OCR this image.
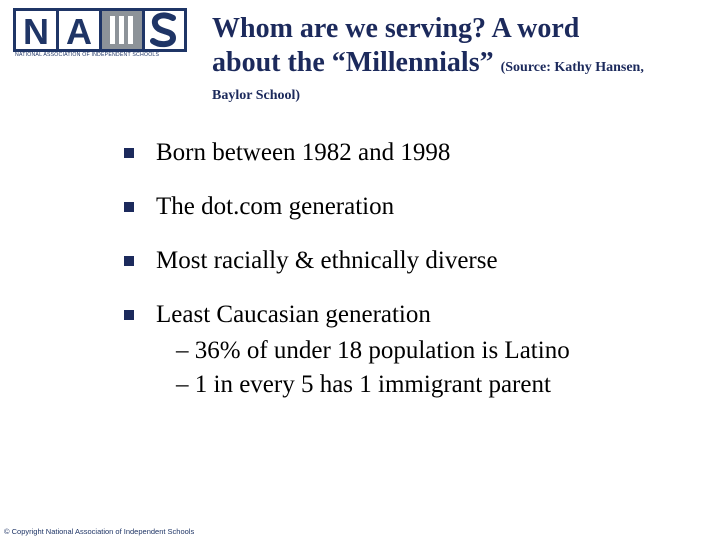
N A
NATIONAL ASSOCIATION OF INDEPENDENT SCHOOLS
Whom are we serving? A word
about the “Millennials” (Source: Kathy Hansen,
Baylor School)
Born between 1982 and 1998
The dot.com generation
Most racially & ethnically diverse
Least Caucasian generation
– 36% of under 18 population is Latino
– 1 in every 5 has 1 immigrant parent
© Copyright National Association of Independent Schools
